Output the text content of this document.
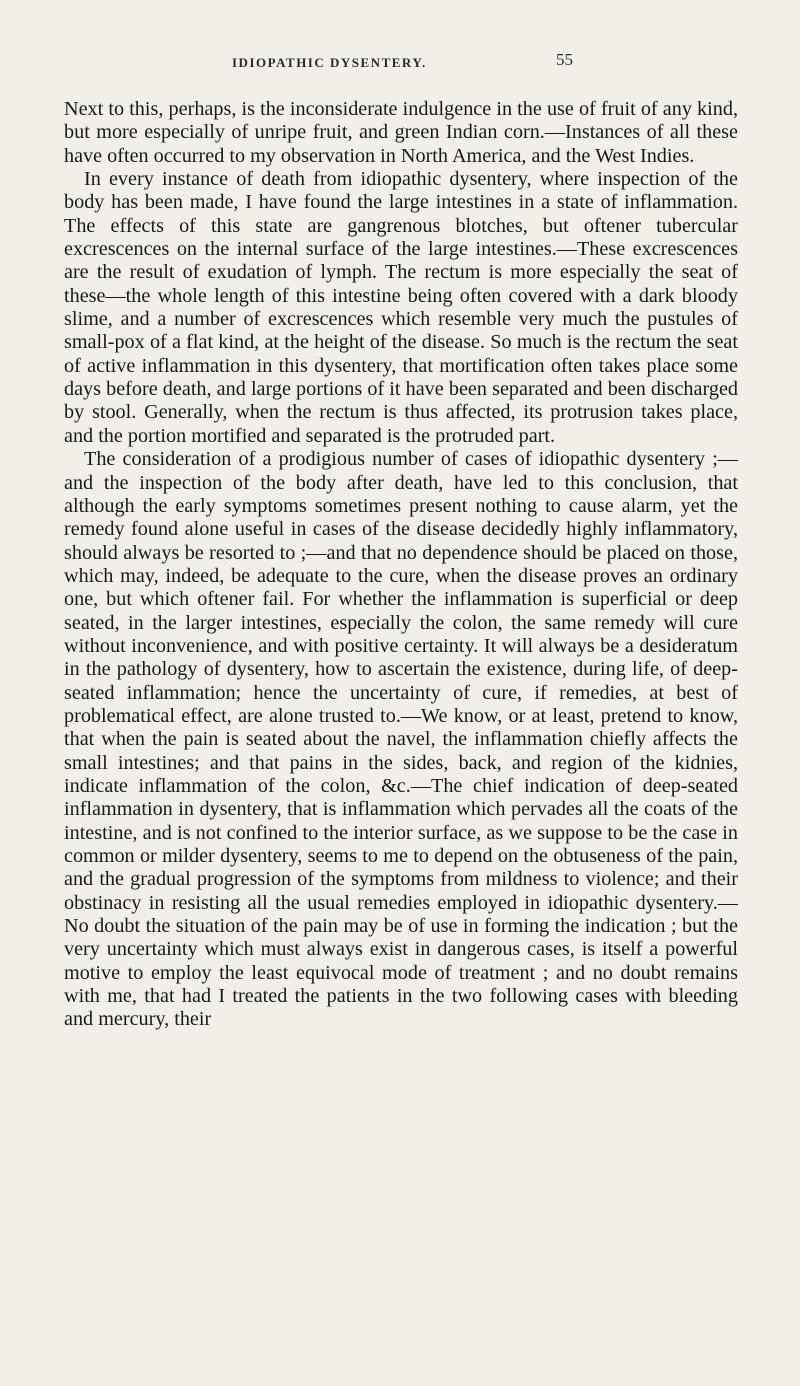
IDIOPATHIC DYSENTERY.	55

Next to this, perhaps, is the inconsiderate indulgence in the use of fruit of any kind, but more especially of unripe fruit, and green Indian corn.—Instances of all these have often occurred to my observation in North America, and the West Indies.

In every instance of death from idiopathic dysentery, where inspection of the body has been made, I have found the large intestines in a state of inflammation. The effects of this state are gangrenous blotches, but oftener tubercular excrescences on the internal surface of the large intestines.—These excrescences are the result of exudation of lymph. The rectum is more especially the seat of these—the whole length of this intestine being often covered with a dark bloody slime, and a number of excrescences which resemble very much the pustules of small-pox of a flat kind, at the height of the disease. So much is the rectum the seat of active inflammation in this dysentery, that mortification often takes place some days before death, and large portions of it have been separated and been discharged by stool. Generally, when the rectum is thus affected, its protrusion takes place, and the portion mortified and separated is the protruded part.

The consideration of a prodigious number of cases of idiopathic dysentery ;—and the inspection of the body after death, have led to this conclusion, that although the early symptoms sometimes present nothing to cause alarm, yet the remedy found alone useful in cases of the disease decidedly highly inflammatory, should always be resorted to ;—and that no dependence should be placed on those, which may, indeed, be adequate to the cure, when the disease proves an ordinary one, but which oftener fail. For whether the inflammation is superficial or deep seated, in the larger intestines, especially the colon, the same remedy will cure without inconvenience, and with positive certainty. It will always be a desideratum in the pathology of dysentery, how to ascertain the existence, during life, of deep-seated inflammation; hence the uncertainty of cure, if remedies, at best of problematical effect, are alone trusted to.—We know, or at least, pretend to know, that when the pain is seated about the navel, the inflammation chiefly affects the small intestines; and that pains in the sides, back, and region of the kidnies, indicate inflammation of the colon, &c.—The chief indication of deep-seated inflammation in dysentery, that is inflammation which pervades all the coats of the intestine, and is not confined to the interior surface, as we suppose to be the case in common or milder dysentery, seems to me to depend on the obtuseness of the pain, and the gradual progression of the symptoms from mildness to violence; and their obstinacy in resisting all the usual remedies employed in idiopathic dysentery.—No doubt the situation of the pain may be of use in forming the indication ; but the very uncertainty which must always exist in dangerous cases, is itself a powerful motive to employ the least equivocal mode of treatment ; and no doubt remains with me, that had I treated the patients in the two following cases with bleeding and mercury, their
